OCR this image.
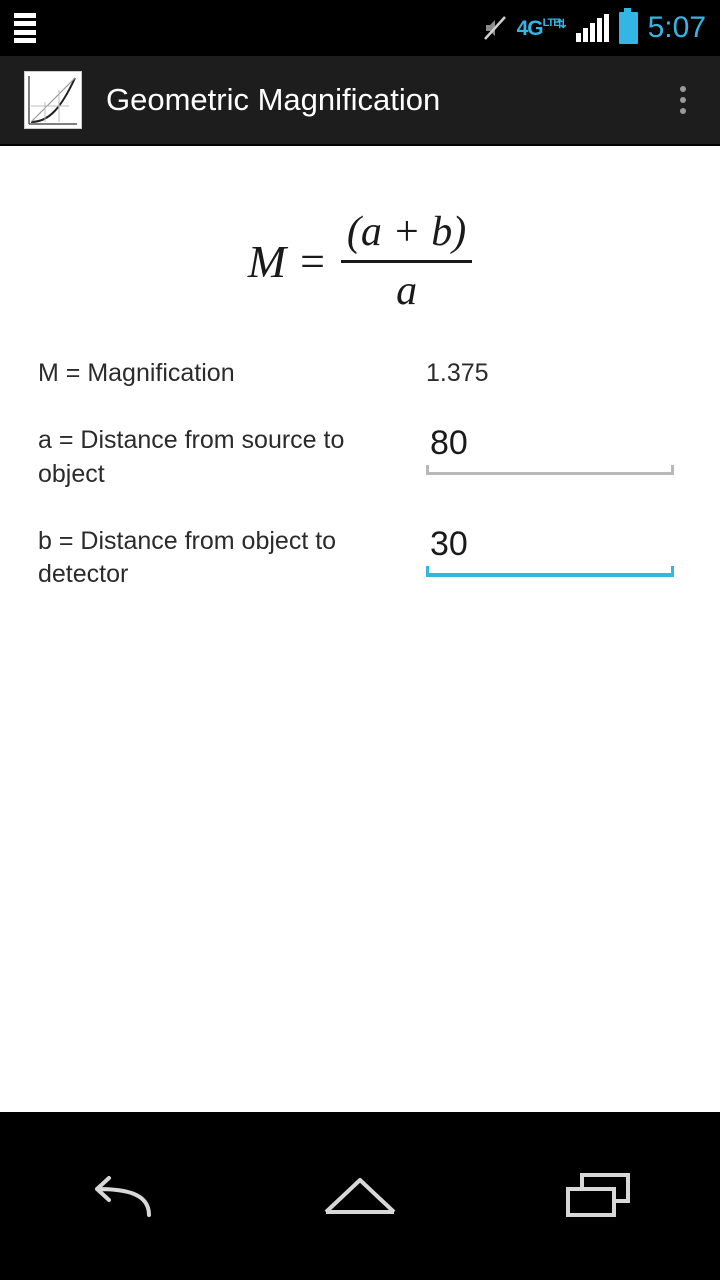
4G LTE
⇅	5:07
Geometric Magnification
$M = \frac{(a + b)}{a}$
M = Magnification	1.375
a = Distance from source to object
80
b = Distance from object to detector
30
